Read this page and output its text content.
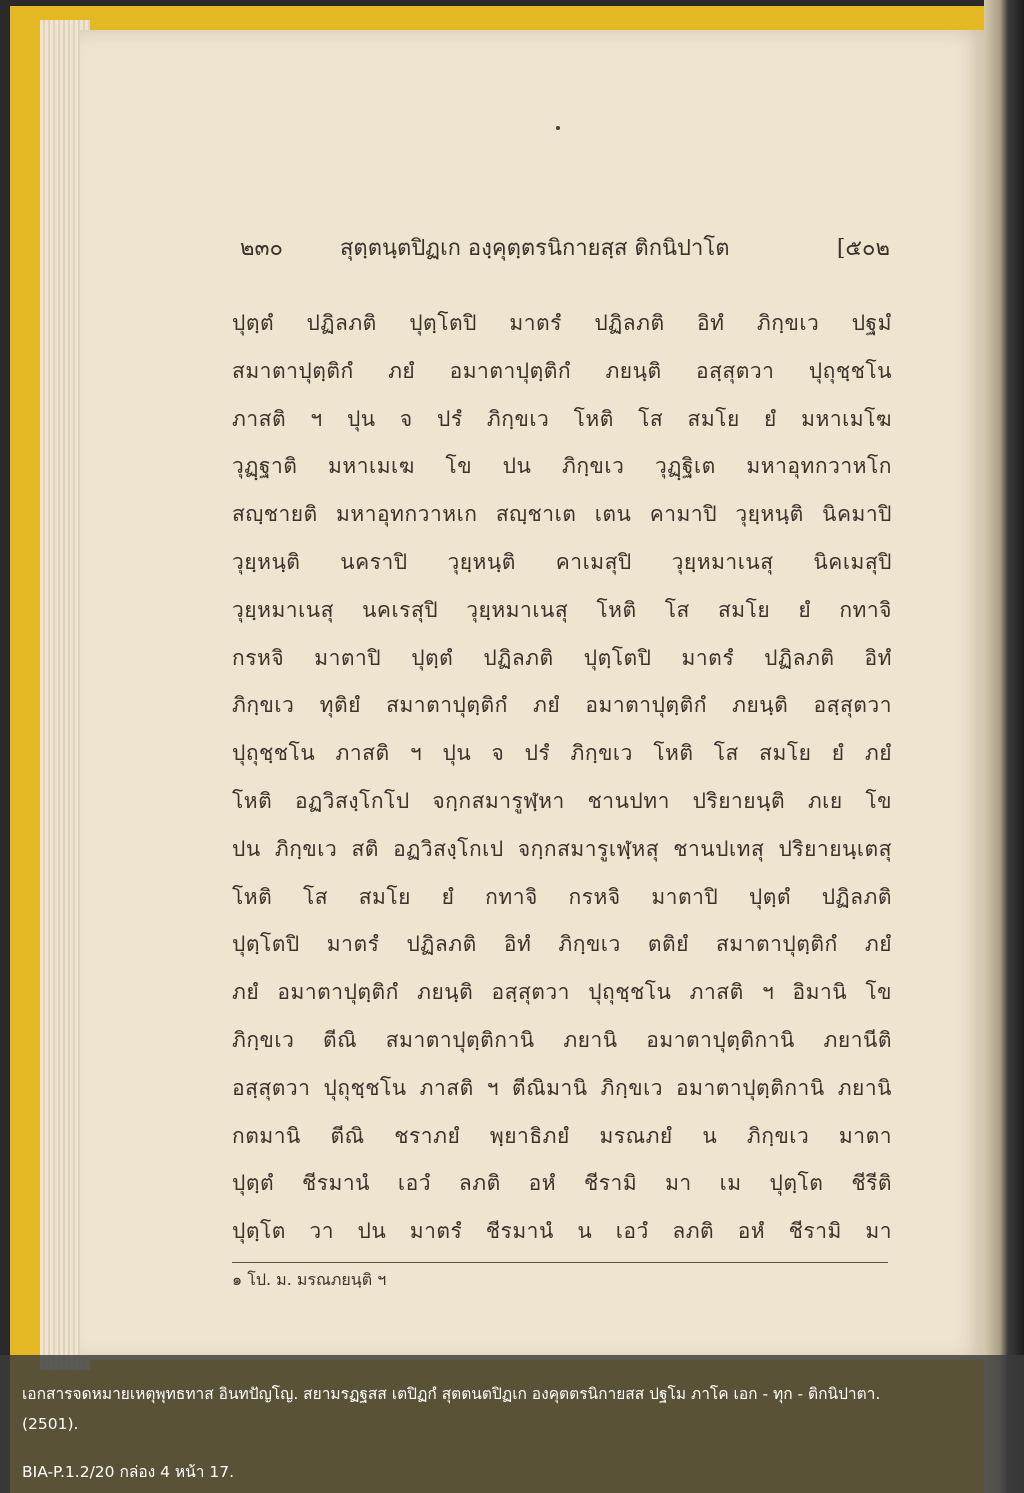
๒๓๐	สุตฺตนฺตปิฏเก องฺคุตฺตรนิกายสฺส ติกนิปาโต	[๕๐๒
ปุตฺตํ ปฏิลภติ ปุตฺโตปิ มาตรํ ปฏิลภติ อิทํ ภิกฺขเว ปฐมํ
สมาตาปุตฺติกํ ภยํ อมาตาปุตฺติกํ ภยนฺติ อสฺสุตวา ปุถุชฺชโน
ภาสติ ฯ ปุน จ ปรํ ภิกฺขเว โหติ โส สมโย ยํ มหาเมโฆ
วุฏฺฐาติ มหาเมเฆ โข ปน ภิกฺขเว วุฏฺฐิเต มหาอุทกวาหโก
สญฺชายติ มหาอุทกวาหเก สญฺชาเต เตน คามาปิ วุยฺหนฺติ นิคมาปิ
วุยฺหนฺติ นคราปิ วุยฺหนฺติ คาเมสุปิ วุยฺหมาเนสุ นิคเมสุปิ
วุยฺหมาเนสุ นคเรสุปิ วุยฺหมาเนสุ โหติ โส สมโย ยํ กทาจิ
กรหจิ มาตาปิ ปุตฺตํ ปฏิลภติ ปุตฺโตปิ มาตรํ ปฏิลภติ อิทํ
ภิกฺขเว ทุติยํ สมาตาปุตฺติกํ ภยํ อมาตาปุตฺติกํ ภยนฺติ อสฺสุตวา
ปุถุชฺชโน ภาสติ ฯ ปุน จ ปรํ ภิกฺขเว โหติ โส สมโย ยํ ภยํ
โหติ อฏวิสงฺโกโป จกฺกสมารูฬฺหา ชานปทา ปริยายนฺติ ภเย โข
ปน ภิกฺขเว สติ อฏวิสงฺโกเป จกฺกสมารูเฬฺหสุ ชานปเทสุ ปริยายนฺเตสุ
โหติ โส สมโย ยํ กทาจิ กรหจิ มาตาปิ ปุตฺตํ ปฏิลภติ
ปุตฺโตปิ มาตรํ ปฏิลภติ อิทํ ภิกฺขเว ตติยํ สมาตาปุตฺติกํ ภยํ
ภยํ อมาตาปุตฺติกํ ภยนฺติ อสฺสุตวา ปุถุชฺชโน ภาสติ ฯ อิมานิ โข
ภิกฺขเว ตีณิ สมาตาปุตฺติกานิ ภยานิ อมาตาปุตฺติกานิ ภยานีติ
อสฺสุตวา ปุถุชฺชโน ภาสติ ฯ ตีณิมานิ ภิกฺขเว อมาตาปุตฺติกานิ ภยานิ
กตมานิ ตีณิ ชราภยํ พฺยาธิภยํ มรณภยํ น ภิกฺขเว มาตา
ปุตฺตํ ชีรมานํ เอวํ ลภติ อหํ ชีรามิ มา เม ปุตฺโต ชีรีติ
ปุตฺโต วา ปน มาตรํ ชีรมานํ น เอวํ ลภติ อหํ ชีรามิ มา
๑ โป. ม. มรณภยนฺติ ฯ
เอกสารจดหมายเหตุพุทธทาส อินทปัญโญ. สยามรฏฐสส เตปิฏกํ สุตตนตปิฏเก องคุตตรนิกายสส ปฐโม ภาโค เอก - ทุก - ติกนิปาตา.
(2501).
BIA-P.1.2/20 กล่อง 4 หน้า 17.
